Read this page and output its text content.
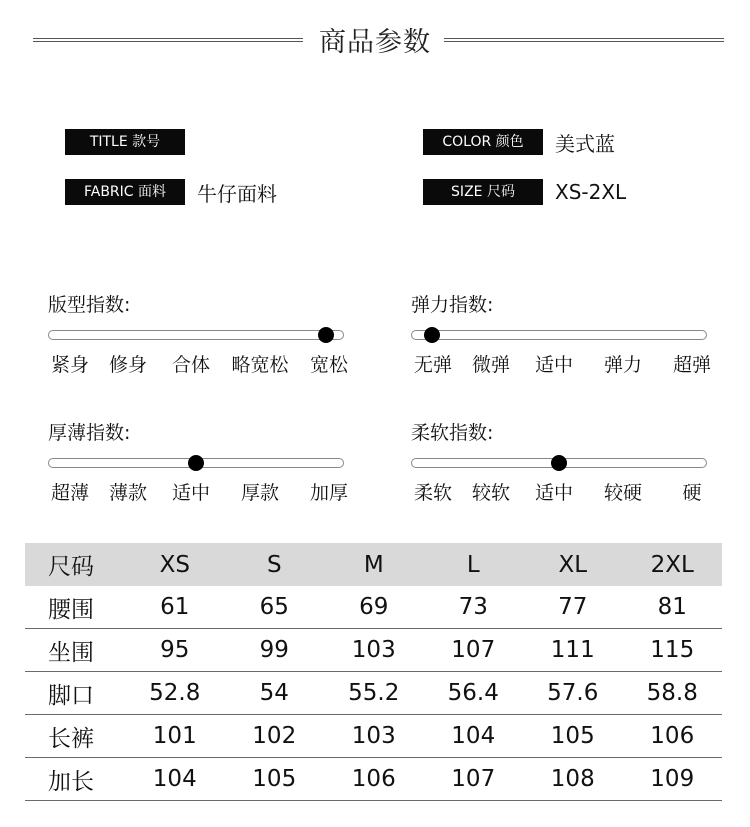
商品参数
TITLE 款号
FABRIC 面料	牛仔面料
COLOR 颜色	美式蓝
SIZE 尺码	XS-2XL
版型指数:
紧身 修身 合体 略宽松 宽松
弹力指数:
无弹 微弹 适中 弹力 超弹
厚薄指数:
超薄 薄款 适中 厚款 加厚
柔软指数:
柔软 较软 适中 较硬 硬
尺码	XS	S	M	L	XL	2XL
腰围	61	65	69	73	77	81
坐围	95	99	103	107	111	115
脚口	52.8	54	55.2	56.4	57.6	58.8
长裤	101	102	103	104	105	106
加长	104	105	106	107	108	109
